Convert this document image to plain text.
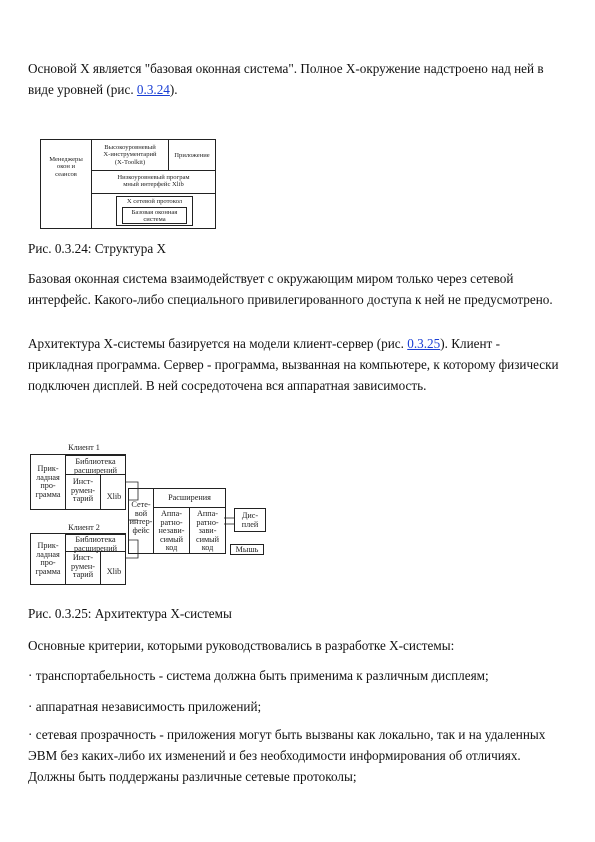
Основой X является "базовая оконная система". Полное X-окружение надстроено над ней в виде уровней (рис. 0.3.24).

Менеджеры
окон и
сеансов
Высокоуровневый
X-инструментарий
(X-Toolkit)
Приложение
Низкоуровневый програм
мный интерфейс Xlib
X сетевой протокол
Базовая оконная
система

Рис. 0.3.24: Структура X

Базовая оконная система взаимодействует с окружающим миром только через сетевой интерфейс. Какого-либо специального привилегированного доступа к ней не предусмотрено.

Архитектура X-системы базируется на модели клиент-сервер (рис. 0.3.25). Клиент - прикладная программа. Сервер - программа, вызванная на компьютере, к которому физически подключен дисплей. В ней сосредоточена вся аппаратная зависимость.

Клиент 1
Прик-
ладная
про-
грамма
Библиотека
расширений
Инст-
румен-
тарий	Xlib
Клиент 2
Прик-
ладная
про-
грамма
Библиотека
расширений
Инст-
румен-
тарий	Xlib
Сете-
вой
интер-
фейс
Расширения
Аппа-
ратно-
незави-
симый
код
Аппа-
ратно-
зави-
симый
код
Дис-
плей
Мышь

Рис. 0.3.25: Архитектура X-системы

Основные критерии, которыми руководствовались в разработке X-системы:

· транспортабельность - система должна быть применима к различным дисплеям;

· аппаратная независимость приложений;

· сетевая прозрачность - приложения могут быть вызваны как локально, так и на удаленных ЭВМ без каких-либо их изменений и без необходимости информирования об отличиях. Должны быть поддержаны различные сетевые протоколы;
